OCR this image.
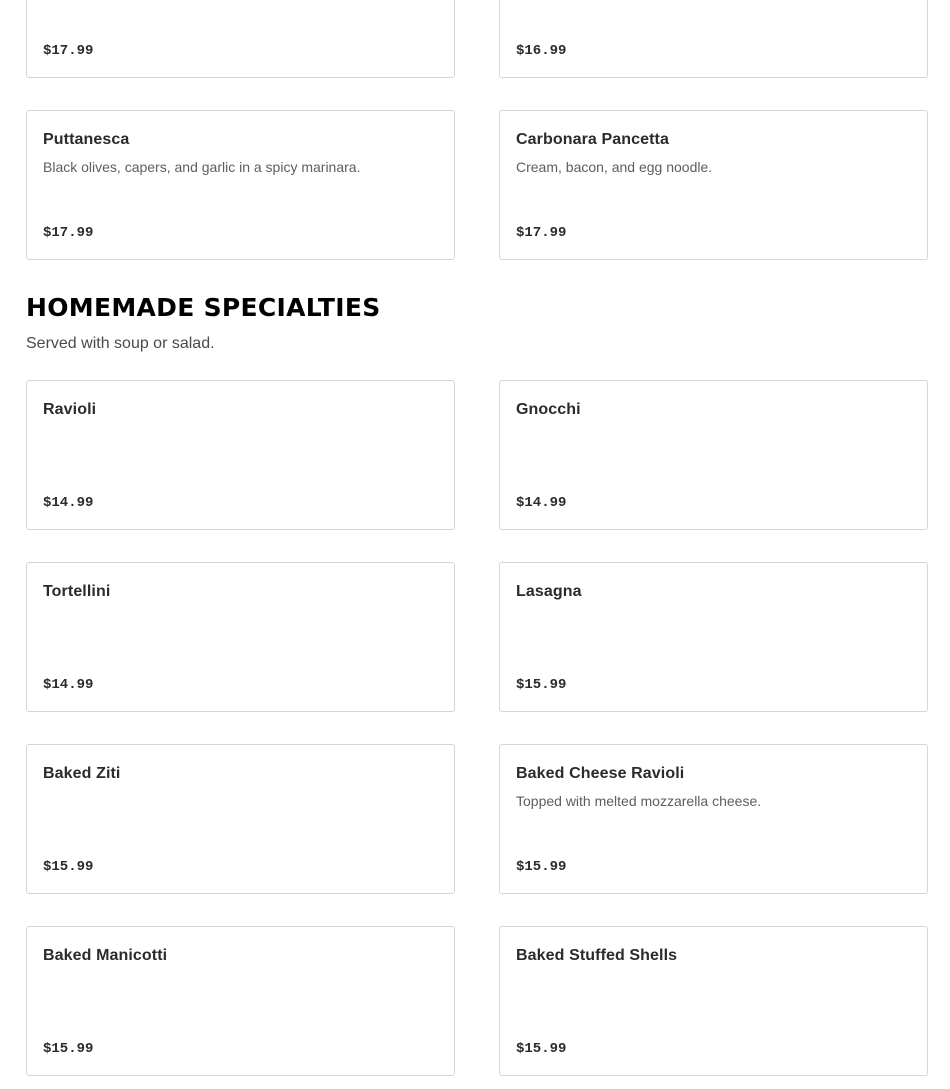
$17.99	$16.99
Puttanesca
Black olives, capers, and garlic in a spicy marinara.
$17.99
Carbonara Pancetta
Cream, bacon, and egg noodle.
$17.99
HOMEMADE SPECIALTIES

Served with soup or salad.

Ravioli
$14.99
Gnocchi
$14.99
Tortellini
$14.99
Lasagna
$15.99
Baked Ziti
$15.99
Baked Cheese Ravioli
Topped with melted mozzarella cheese.
$15.99
Baked Manicotti
$15.99
Baked Stuffed Shells
$15.99
